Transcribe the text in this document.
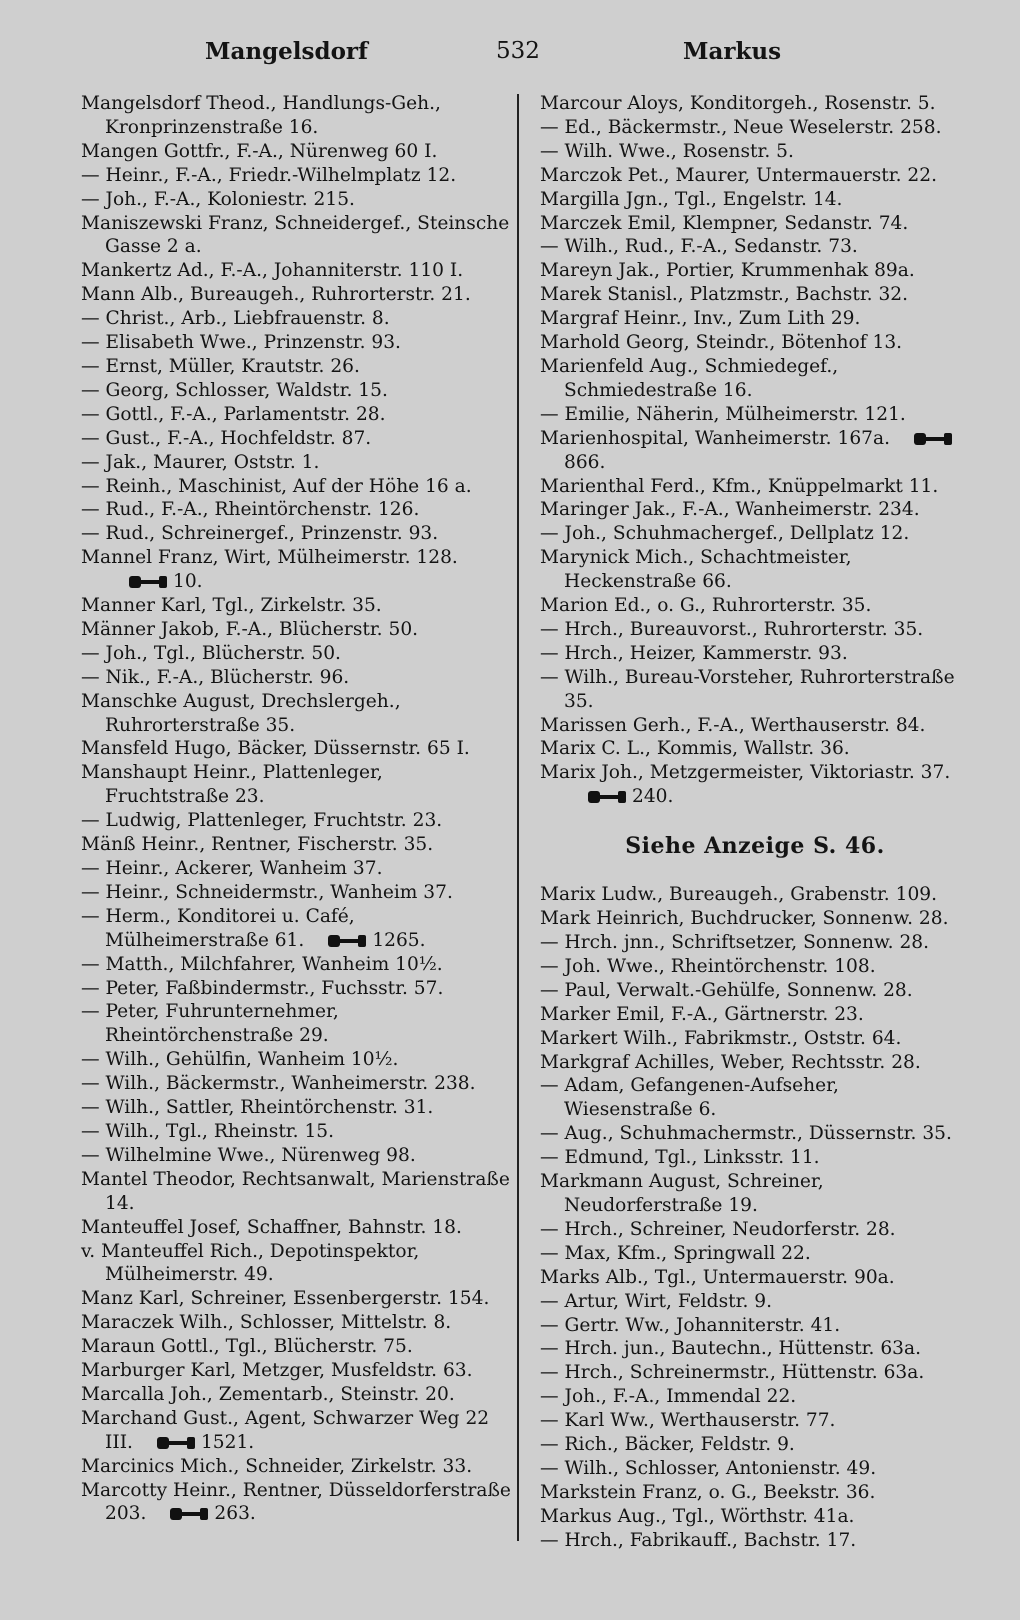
Mangelsdorf	532	Markus
Mangelsdorf Theod., Handlungs-Geh., Kronprinzenstraße 16.
Mangen Gottfr., F.-A., Nürenweg 60 I.
— Heinr., F.-A., Friedr.-Wilhelmplatz 12.
— Joh., F.-A., Koloniestr. 215.
Maniszewski Franz, Schneidergef., Steinsche Gasse 2 a.
Mankertz Ad., F.-A., Johanniterstr. 110 I.
Mann Alb., Bureaugeh., Ruhrorterstr. 21.
— Christ., Arb., Liebfrauenstr. 8.
— Elisabeth Wwe., Prinzenstr. 93.
— Ernst, Müller, Krautstr. 26.
— Georg, Schlosser, Waldstr. 15.
— Gottl., F.-A., Parlamentstr. 28.
— Gust., F.-A., Hochfeldstr. 87.
— Jak., Maurer, Oststr. 1.
— Reinh., Maschinist, Auf der Höhe 16 a.
— Rud., F.-A., Rheintörchenstr. 126.
— Rud., Schreinergef., Prinzenstr. 93.
Mannel Franz, Wirt, Mülheimerstr. 128.
10.
Manner Karl, Tgl., Zirkelstr. 35.
Männer Jakob, F.-A., Blücherstr. 50.
— Joh., Tgl., Blücherstr. 50.
— Nik., F.-A., Blücherstr. 96.
Manschke August, Drechslergeh., Ruhrorterstraße 35.
Mansfeld Hugo, Bäcker, Düssernstr. 65 I.
Manshaupt Heinr., Plattenleger, Fruchtstraße 23.
— Ludwig, Plattenleger, Fruchtstr. 23.
Mänß Heinr., Rentner, Fischerstr. 35.
— Heinr., Ackerer, Wanheim 37.
— Heinr., Schneidermstr., Wanheim 37.
— Herm., Konditorei u. Café, Mülheimerstraße 61.	1265.
— Matth., Milchfahrer, Wanheim 10½.
— Peter, Faßbindermstr., Fuchsstr. 57.
— Peter, Fuhrunternehmer, Rheintörchenstraße 29.
— Wilh., Gehülfin, Wanheim 10½.
— Wilh., Bäckermstr., Wanheimerstr. 238.
— Wilh., Sattler, Rheintörchenstr. 31.
— Wilh., Tgl., Rheinstr. 15.
— Wilhelmine Wwe., Nürenweg 98.
Mantel Theodor, Rechtsanwalt, Marienstraße 14.
Manteuffel Josef, Schaffner, Bahnstr. 18.
v. Manteuffel Rich., Depotinspektor, Mülheimerstr. 49.
Manz Karl, Schreiner, Essenbergerstr. 154.
Maraczek Wilh., Schlosser, Mittelstr. 8.
Maraun Gottl., Tgl., Blücherstr. 75.
Marburger Karl, Metzger, Musfeldstr. 63.
Marcalla Joh., Zementarb., Steinstr. 20.
Marchand Gust., Agent, Schwarzer Weg 22 III.	1521.
Marcinics Mich., Schneider, Zirkelstr. 33.
Marcotty Heinr., Rentner, Düsseldorferstraße 203.	263.
Marcour Aloys, Konditorgeh., Rosenstr. 5.
— Ed., Bäckermstr., Neue Weselerstr. 258.
— Wilh. Wwe., Rosenstr. 5.
Marczok Pet., Maurer, Untermauerstr. 22.
Margilla Jgn., Tgl., Engelstr. 14.
Marczek Emil, Klempner, Sedanstr. 74.
— Wilh., Rud., F.-A., Sedanstr. 73.
Mareyn Jak., Portier, Krummenhak 89a.
Marek Stanisl., Platzmstr., Bachstr. 32.
Margraf Heinr., Inv., Zum Lith 29.
Marhold Georg, Steindr., Bötenhof 13.
Marienfeld Aug., Schmiedegef., Schmiedestraße 16.
— Emilie, Näherin, Mülheimerstr. 121.
Marienhospital, Wanheimerstr. 167a.
866.
Marienthal Ferd., Kfm., Knüppelmarkt 11.
Maringer Jak., F.-A., Wanheimerstr. 234.
— Joh., Schuhmachergef., Dellplatz 12.
Marynick Mich., Schachtmeister, Heckenstraße 66.
Marion Ed., o. G., Ruhrorterstr. 35.
— Hrch., Bureauvorst., Ruhrorterstr. 35.
— Hrch., Heizer, Kammerstr. 93.
— Wilh., Bureau-Vorsteher, Ruhrorterstraße 35.
Marissen Gerh., F.-A., Werthauserstr. 84.
Marix C. L., Kommis, Wallstr. 36.
Marix Joh., Metzgermeister, Viktoriastr. 37.
240.
Siehe Anzeige S. 46.
Marix Ludw., Bureaugeh., Grabenstr. 109.
Mark Heinrich, Buchdrucker, Sonnenw. 28.
— Hrch. jnn., Schriftsetzer, Sonnenw. 28.
— Joh. Wwe., Rheintörchenstr. 108.
— Paul, Verwalt.-Gehülfe, Sonnenw. 28.
Marker Emil, F.-A., Gärtnerstr. 23.
Markert Wilh., Fabrikmstr., Oststr. 64.
Markgraf Achilles, Weber, Rechtsstr. 28.
— Adam, Gefangenen-Aufseher, Wiesenstraße 6.
— Aug., Schuhmachermstr., Düssernstr. 35.
— Edmund, Tgl., Linksstr. 11.
Markmann August, Schreiner, Neudorferstraße 19.
— Hrch., Schreiner, Neudorferstr. 28.
— Max, Kfm., Springwall 22.
Marks Alb., Tgl., Untermauerstr. 90a.
— Artur, Wirt, Feldstr. 9.
— Gertr. Ww., Johanniterstr. 41.
— Hrch. jun., Bautechn., Hüttenstr. 63a.
— Hrch., Schreinermstr., Hüttenstr. 63a.
— Joh., F.-A., Immendal 22.
— Karl Ww., Werthauserstr. 77.
— Rich., Bäcker, Feldstr. 9.
— Wilh., Schlosser, Antonienstr. 49.
Markstein Franz, o. G., Beekstr. 36.
Markus Aug., Tgl., Wörthstr. 41a.
— Hrch., Fabrikauff., Bachstr. 17.
